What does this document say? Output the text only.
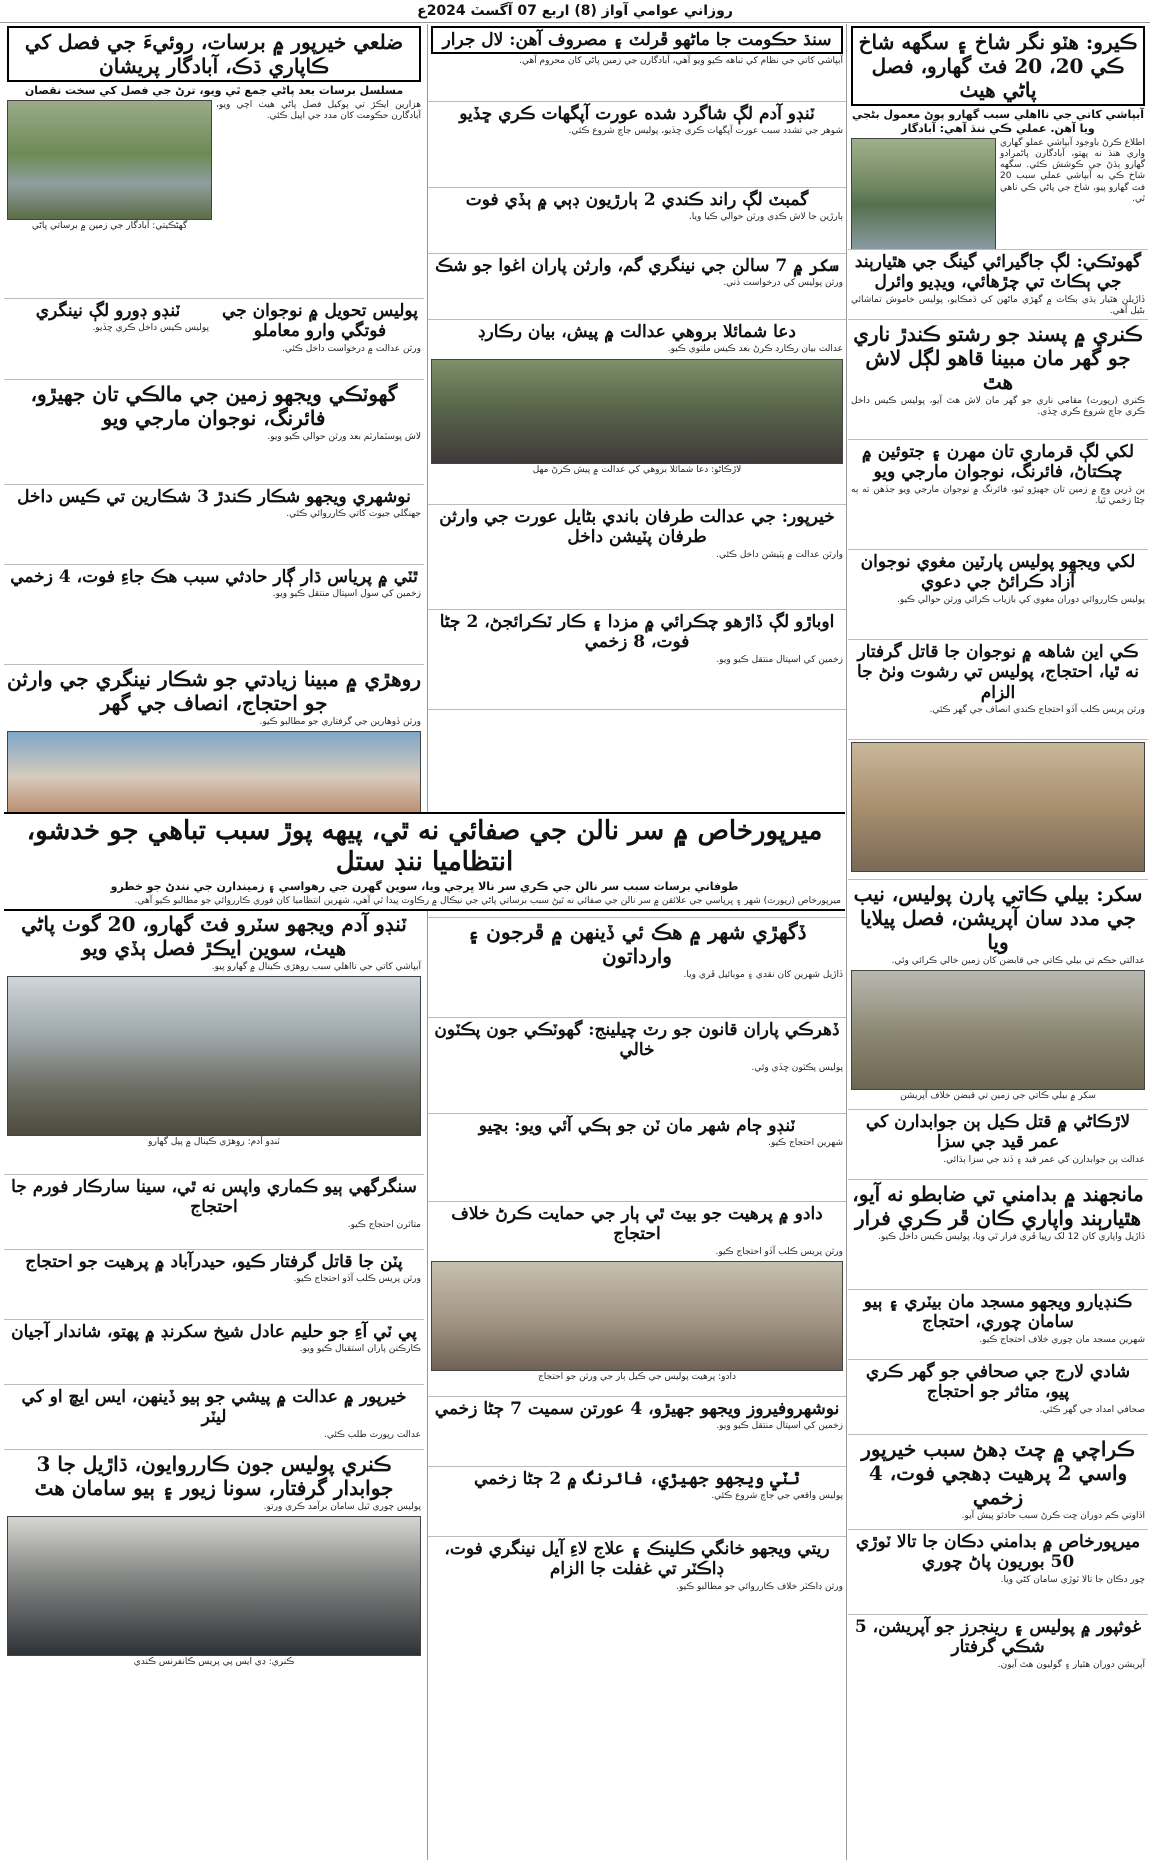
روزاني عوامي آواز (8) اربع 07 آگسٽ 2024ع
ڪيرو: هٽو نگر شاخ ۽ سگهه شاخ ڪي 20، 20 فٽ گهارو، فصل پاڻي هيٺ
آبپاشي کاتي جي نااهلي سبب گهارو پوڻ معمول بڻجي ويا آهن. عملي ڪي ننڌ آهي: آبادگار
اطلاع ڪرڻ باوجود آبپاشي عملو گهاري واري هنڌ نه پهتو، آبادگارن پاڻمرادو گهارو ٻڌڻ جي ڪوشش ڪئي. سگهه شاخ ڪي به آبپاشي عملي سبب 20 فٽ گهارو پيو، شاخ جي پاڻي ڪي ناهي ٿي.
گهوٽڪي: لڳ جاگيرائي گينگ جي هٿيارٻند جي ٻڪاٽ تي چڙهائي، ويڊيو وائرل
ڏاڙيلن هٿيار ٻڌي ٻڪاٽ ۾ گهڙي ماڻهن کي ڌمڪايو، پوليس خاموش تماشائي بڻيل آهي.
ڪنري ۾ پسند جو رشتو ڪندڙ ناري جو گهر مان مبينا قاهو لڳل لاش هٿ
ڪنري (رپورٽ) مقامي ناري جو گهر مان لاش هٿ آيو، پوليس ڪيس داخل ڪري جاچ شروع ڪري ڇڏي.
لکي لڳ قرماري تان مهرن ۽ جتوئين ۾ چڪتاڻ، فائرنگ، نوجوان مارجي ويو
ٻن ڌرين وچ ۾ زمين تان جهيڙو ٿيو، فائرنگ ۾ نوجوان مارجي ويو جڏهن ته ٻه ڄڻا زخمي ٿيا.
لکي ويجهو پوليس پارٽين مغوي نوجوان آزاد ڪرائڻ جي دعوي
پوليس ڪارروائي دوران مغوي کي بازياب ڪرائي ورثن حوالي ڪيو.
ڪي اين شاهه ۾ نوجوان جا قاتل گرفتار نه ٿيا، احتجاج، پوليس تي رشوت وٺڻ جا الزام
ورثن پريس ڪلب آڏو احتجاج ڪندي انصاف جي گهر ڪئي.
سکر: بيلي ڪاتي پارن پوليس، نيب جي مدد سان آپريشن، فصل پيلايا ويا
عدالتي حڪم تي بيلي ڪاتي جي قابضن کان زمين خالي ڪرائي وئي.
سکر ۾ بيلي ڪاتي جي زمين تي قبضن خلاف آپريشن
لاڙڪاڻي ۾ قتل ڪيل ٻن جوابدارن کي عمر قيد جي سزا
عدالت ٻن جوابدارن کي عمر قيد ۽ ڏنڊ جي سزا ٻڌائي.
مانجهند ۾ بدامني تي ضابطو نه آيو، هٿيارٻند واپاري ڪان ڦر ڪري فرار
ڏاڙيل واپاري کان 12 لک رپيا ڦري فرار ٿي ويا، پوليس ڪيس داخل ڪيو.
ڪنڊيارو ويجهو مسجد مان بيٽري ۽ ٻيو سامان چوري، احتجاج
شهرين مسجد مان چوري خلاف احتجاج ڪيو.
شادي لارج جي صحافي جو گهر ڪري پيو، متاثر جو احتجاج
صحافي امداد جي گهر ڪئي.
ڪراچي ۾ چٽ ڊهڻ سبب خيرپور واسي 2 پرهيت ڊهجي فوت، 4 زخمي
اڏاوتي ڪم دوران ڇت ڪرڻ سبب حادثو پيش آيو.
ميرپورخاص ۾ بدامني دڪان جا تالا ٽوڙي 50 بوريون پاڻ چوري
چور دڪان جا تالا ٽوڙي سامان کڻي ويا.
غوثپور ۾ پوليس ۽ رينجرز جو آپريشن، 5 شڪي گرفتار
آپريشن دوران هٿيار ۽ گوليون هٿ آيون.
سنڌ حڪومت جا ماڻهو ڦرلٽ ۽ مصروف آهن: لال جرار
آبپاشي کاتي جي نظام کي تباهه ڪيو ويو آهي، آبادگارن جي زمين پاڻي کان محروم آهي.
ٽنڊو آدم لڳ شاگرد شده عورت آپگهات ڪري ڇڏيو
شوهر جي تشدد سبب عورت آپگهات ڪري ڇڏيو، پوليس جاچ شروع ڪئي.
گمبٽ لڳ راند ڪندي 2 ٻارڙيون ڊٻي ۾ ٻڏي فوت
ٻارڙين جا لاش ڪڍي ورثن حوالي ڪيا ويا.
سکر ۾ 7 سالن جي نينگري گم، وارثن پاران اغوا جو شڪ
ورثن پوليس کي درخواست ڏني.
دعا شمائلا بروهي عدالت ۾ پيش، بيان رڪارڊ
عدالت بيان رڪارڊ ڪرڻ بعد ڪيس ملتوي ڪيو.
لاڙڪاڻو: دعا شمائلا بروهي کي عدالت ۾ پيش ڪرڻ مهل
خيرپور: جي عدالت طرفان باندي بڻايل عورت جي وارثن طرفان پٽيشن داخل
وارثن عدالت ۾ پٽيشن داخل ڪئي.
اوباڙو لڳ ڏاڙهو چڪرائي ۾ مزدا ۽ ڪار ٽڪرائجڻ، 2 ڄڻا فوت، 8 زخمي
زخمين کي اسپتال منتقل ڪيو ويو.
ڏگهڙي شهر ۾ هڪ ئي ڏينهن ۾ ڦرجون ۽ وارداتون
ڏاڙيل شهرين کان نقدي ۽ موبائيل ڦري ويا.
ڏهرڪي پاران قانون جو رٽ چيلينج: گهوٽڪي جون پڪٽون خالي
پوليس پڪٽون ڇڏي وئي.
ٽنڊو ڄام شهر مان ٽن جو ٻڪي آئي ويو: بڇيو
شهرين احتجاج ڪيو.
دادو ۾ پرهيت جو بيٽ ٿي ٻار جي حمايت ڪرڻ خلاف احتجاج
ورثن پريس ڪلب آڏو احتجاج ڪيو.
دادو: پرهيت پوليس جي ڪيل ٻار جي ورثن جو احتجاج
نوشهروفيروز ويجهو جهيڙو، 4 عورتن سميت 7 ڄڻا زخمي
زخمين کي اسپتال منتقل ڪيو ويو.
ٿٽي ويجهو جهيڙي، فائرنگ ۾ 2 ڄڻا زخمي
پوليس واقعي جي جاچ شروع ڪئي.
ريتي ويجهو خانگي ڪلينڪ ۽ علاج لاءِ آيل نينگري فوت، ڊاڪٽر تي غفلت جا الزام
ورثن ڊاڪٽر خلاف ڪارروائي جو مطالبو ڪيو.
ضلعي خيرپور ۾ برسات، روئيءَ جي فصل کي ڪاپاري ڌڪ، آبادگار پريشان
مسلسل برسات بعد پاڻي جمع ٿي ويو، ترڻ جي فصل کي سخت نقصان
هزارين ايڪڙ تي پوکيل فصل پاڻي هيٺ اچي ويو، آبادگارن حڪومت کان مدد جي اپيل ڪئي.
گهڻڪيتي: آبادگار جي زمين ۾ برساتي پاڻي
پوليس تحويل ۾ نوجوان جي فوتگي وارو معاملو
ورثن عدالت ۾ درخواست داخل ڪئي.
ٽنڊو ڊورو لڳ نينگري
پوليس ڪيس داخل ڪري ڇڏيو.
گهوٽڪي ويجهو زمين جي مالڪي تان جهيڙو، فائرنگ، نوجوان مارجي ويو
لاش پوسٽمارٽم بعد ورثن حوالي ڪيو ويو.
نوشهري ويجهو شڪار ڪندڙ 3 شڪارين تي ڪيس داخل
جهنگلي جيوت کاتي ڪارروائي ڪئي.
ٿٽي ۾ پرياس ڌار ڳار حادثي سبب هڪ جاءِ فوت، 4 زخمي
زخمين کي سول اسپتال منتقل ڪيو ويو.
روهڙي ۾ مبينا زيادتي جو شڪار نينگري جي وارثن جو احتجاج، انصاف جي گهر
ورثن ڏوهارين جي گرفتاري جو مطالبو ڪيو.
ٽنڊو آدم ويجهو سٽرو فٽ گهارو، 20 گوٺ پاڻي هيٺ، سوين ايڪڙ فصل ٻڏي ويو
آبپاشي کاتي جي نااهلي سبب روهڙي ڪينال ۾ گهارو پيو.
ٽنڊو آدم: روهڙي ڪينال ۾ پيل گهارو
سنگرگهي ٻيو ڪماري واپس نه ٿي، سينا سارڪار فورم جا احتجاج
متاثرن احتجاج ڪيو.
پٽن جا قاتل گرفتار ڪيو، حيدرآباد ۾ پرهيت جو احتجاج
ورثن پريس ڪلب آڏو احتجاج ڪيو.
پي ٽي آءِ جو حليم عادل شيخ سکرنڊ ۾ پهتو، شاندار آجيان
ڪارڪنن پاران استقبال ڪيو ويو.
خيرپور ۾ عدالت ۾ پيشي جو ٻيو ڏينهن، ايس ايڇ او کي ليٽر
عدالت رپورٽ طلب ڪئي.
ڪنري پوليس جون ڪارروايون، ڌاڙيل جا 3 جوابدار گرفتار، سونا زيور ۽ ٻيو سامان هٿ
پوليس چوري ٿيل سامان برآمد ڪري ورتو.
ڪنري: ڊي ايس پي پريس ڪانفرنس ڪندي
ميرپورخاص ۾ سر نالن جي صفائي نه ٿي، پيهه پوڙ سبب تباهي جو خدشو، انتظاميا ننڊ ستل
طوفاني برسات سبب سر نالن جي ڪري سر نالا ڀرجي ويا، سوين گهرن جي رهواسي ۽ زميندارن جي نندڻ جو خطرو
ميرپورخاص (رپورٽ) شهر ۽ ڀرپاسي جي علائقن ۾ سر نالن جي صفائي نه ٿيڻ سبب برساتي پاڻي جي نيڪال ۾ رڪاوٽ پيدا ٿي آهي، شهرين انتظاميا کان فوري ڪارروائي جو مطالبو ڪيو آهي.
